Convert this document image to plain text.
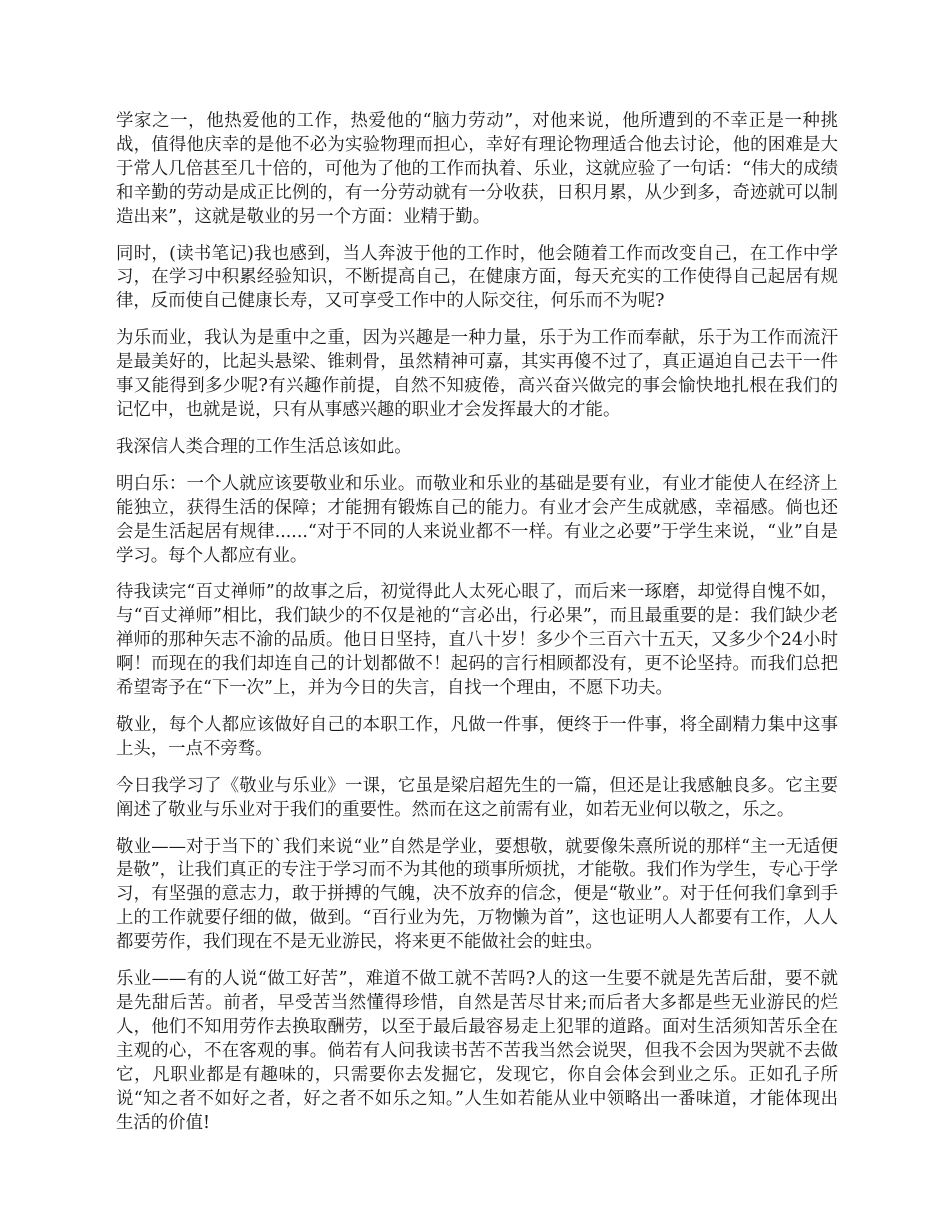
学家之一，他热爱他的工作，热爱他的“脑力劳动”，对他来说，他所遭到的不幸正是一种挑战，值得他庆幸的是他不必为实验物理而担心，幸好有理论物理适合他去讨论，他的困难是大于常人几倍甚至几十倍的，可他为了他的工作而执着、乐业，这就应验了一句话：“伟大的成绩和辛勤的劳动是成正比例的，有一分劳动就有一分收获，日积月累，从少到多，奇迹就可以制造出来”，这就是敬业的另一个方面：业精于勤。

同时，(读书笔记)我也感到，当人奔波于他的工作时，他会随着工作而改变自己，在工作中学习，在学习中积累经验知识，不断提高自己，在健康方面，每天充实的工作使得自己起居有规律，反而使自己健康长寿，又可享受工作中的人际交往，何乐而不为呢?

为乐而业，我认为是重中之重，因为兴趣是一种力量，乐于为工作而奉献，乐于为工作而流汗是最美好的，比起头悬梁、锥刺骨，虽然精神可嘉，其实再傻不过了，真正逼迫自己去干一件事又能得到多少呢?有兴趣作前提，自然不知疲倦，高兴奋兴做完的事会愉快地扎根在我们的记忆中，也就是说，只有从事感兴趣的职业才会发挥最大的才能。

我深信人类合理的工作生活总该如此。

明白乐：一个人就应该要敬业和乐业。而敬业和乐业的基础是要有业，有业才能使人在经济上能独立，获得生活的保障；才能拥有锻炼自己的能力。有业才会产生成就感，幸福感。倘也还会是生活起居有规律......“对于不同的人来说业都不一样。有业之必要”于学生来说，“业”自是学习。每个人都应有业。

待我读完“百丈禅师”的故事之后，初觉得此人太死心眼了，而后来一琢磨，却觉得自愧不如，与“百丈禅师”相比，我们缺少的不仅是祂的“言必出，行必果”，而且最重要的是：我们缺少老禅师的那种矢志不渝的品质。他日日坚持，直八十岁！多少个三百六十五天，又多少个24小时啊！而现在的我们却连自己的计划都做不！起码的言行相顾都没有，更不论坚持。而我们总把希望寄予在“下一次”上，并为今日的失言，自找一个理由，不愿下功夫。

敬业，每个人都应该做好自己的本职工作，凡做一件事，便终于一件事，将全副精力集中这事上头，一点不旁骛。

今日我学习了《敬业与乐业》一课，它虽是梁启超先生的一篇，但还是让我感触良多。它主要阐述了敬业与乐业对于我们的重要性。然而在这之前需有业，如若无业何以敬之，乐之。

敬业——对于当下的`我们来说“业”自然是学业，要想敬，就要像朱熹所说的那样“主一无适便是敬”，让我们真正的专注于学习而不为其他的琐事所烦扰，才能敬。我们作为学生，专心于学习，有坚强的意志力，敢于拼搏的气魄，决不放弃的信念，便是“敬业”。对于任何我们拿到手上的工作就要仔细的做，做到。“百行业为先，万物懒为首”，这也证明人人都要有工作，人人都要劳作，我们现在不是无业游民，将来更不能做社会的蛀虫。

乐业——有的人说“做工好苦”，难道不做工就不苦吗?人的这一生要不就是先苦后甜，要不就是先甜后苦。前者，早受苦当然懂得珍惜，自然是苦尽甘来;而后者大多都是些无业游民的烂人，他们不知用劳作去换取酬劳，以至于最后最容易走上犯罪的道路。面对生活须知苦乐全在主观的心，不在客观的事。倘若有人问我读书苦不苦我当然会说哭，但我不会因为哭就不去做它，凡职业都是有趣味的，只需要你去发掘它，发现它，你自会体会到业之乐。正如孔子所说“知之者不如好之者，好之者不如乐之知。”人生如若能从业中领略出一番味道，才能体现出生活的价值!
